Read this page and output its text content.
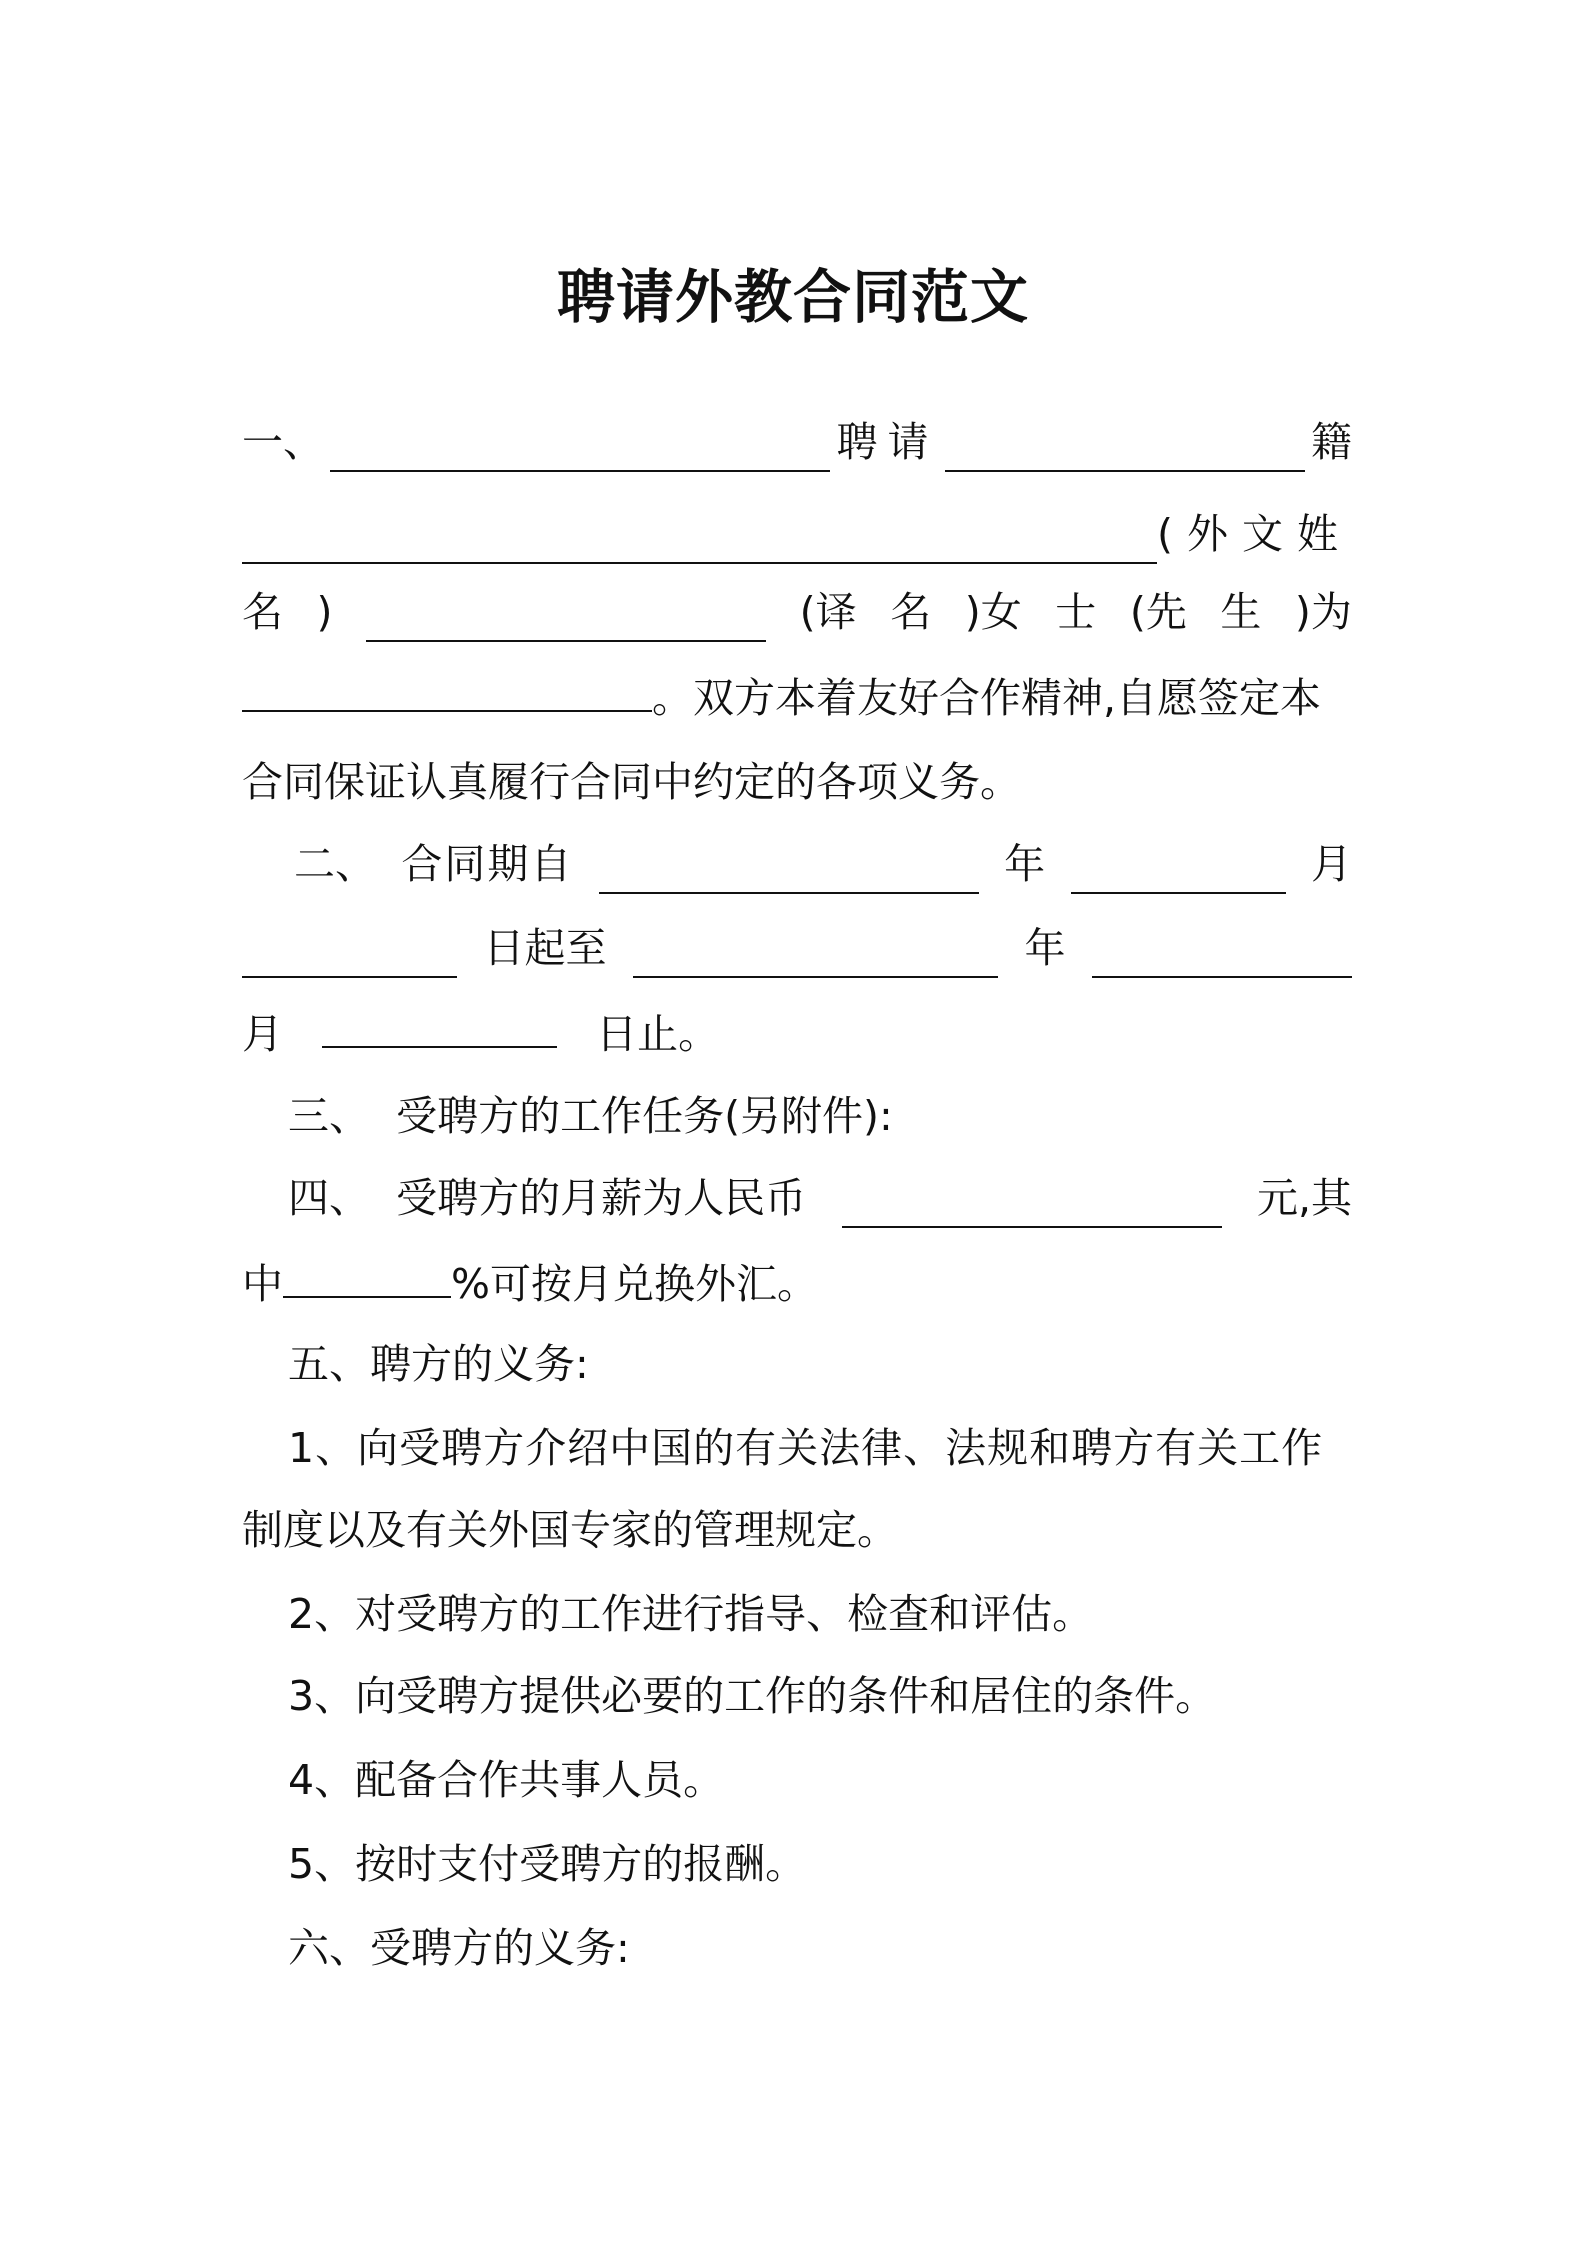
聘请外教合同范文
一、	聘请	籍
(外文姓
名 )	(译 名 )女 士 (先 生 )为
。双方本着友好合作精神,自愿签定本
合同保证认真履行合同中约定的各项义务。
二、 合同期自	年	月
日起至	年
月	日止。
三、  受聘方的工作任务(另附件):
四、  受聘方的月薪为人民币	元,其
中	%可按月兑换外汇。
五、聘方的义务:
1、向受聘方介绍中国的有关法律、法规和聘方有关工作
制度以及有关外国专家的管理规定。
2、对受聘方的工作进行指导、检查和评估。
3、向受聘方提供必要的工作的条件和居住的条件。
4、配备合作共事人员。
5、按时支付受聘方的报酬。
六、受聘方的义务:
